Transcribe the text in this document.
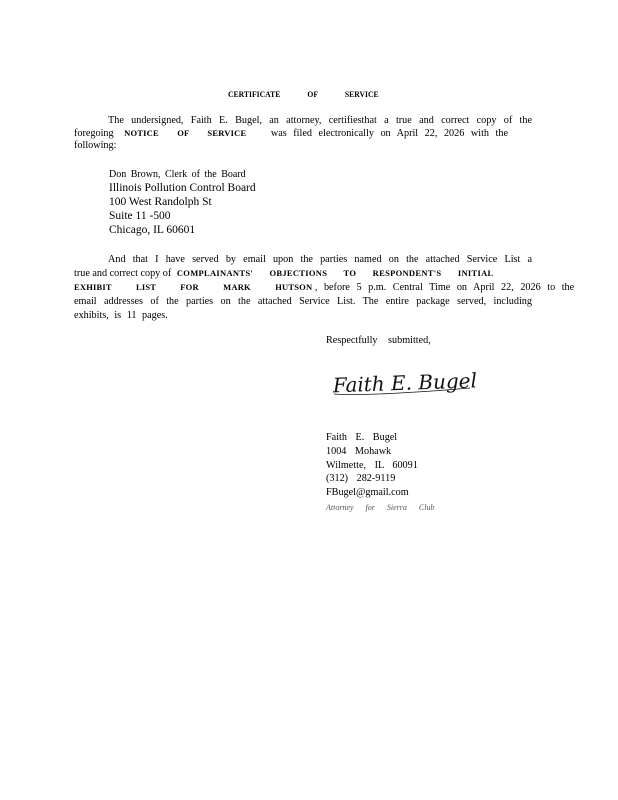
CERTIFICATE OF SERVICE
The undersigned, Faith E. Bugel, an attorney, certifiesthat a true and correct copy of the
foregoing NOTICE OF SERVICE was filed electronically on April 22, 2026 with the
following:
Don Brown, Clerk of the Board
Illinois Pollution Control Board
100 West Randolph St
Suite 11 -500
Chicago, IL 60601
And that I have served by email upon the parties named on the attached Service List a
true and correct copy of COMPLAINANTS' OBJECTIONS TO RESPONDENT'S INITIAL
EXHIBIT LIST FOR MARK HUTSON , before 5 p.m. Central Time on April 22, 2026 to the
email addresses of the parties on the attached Service List. The entire package served, including
exhibits, is 11 pages.
Respectfully submitted,
Faith E. Bugel
Faith E. Bugel
1004 Mohawk
Wilmette, IL 60091
(312) 282-9119
FBugel@gmail.com
Attorney for Sierra Club
